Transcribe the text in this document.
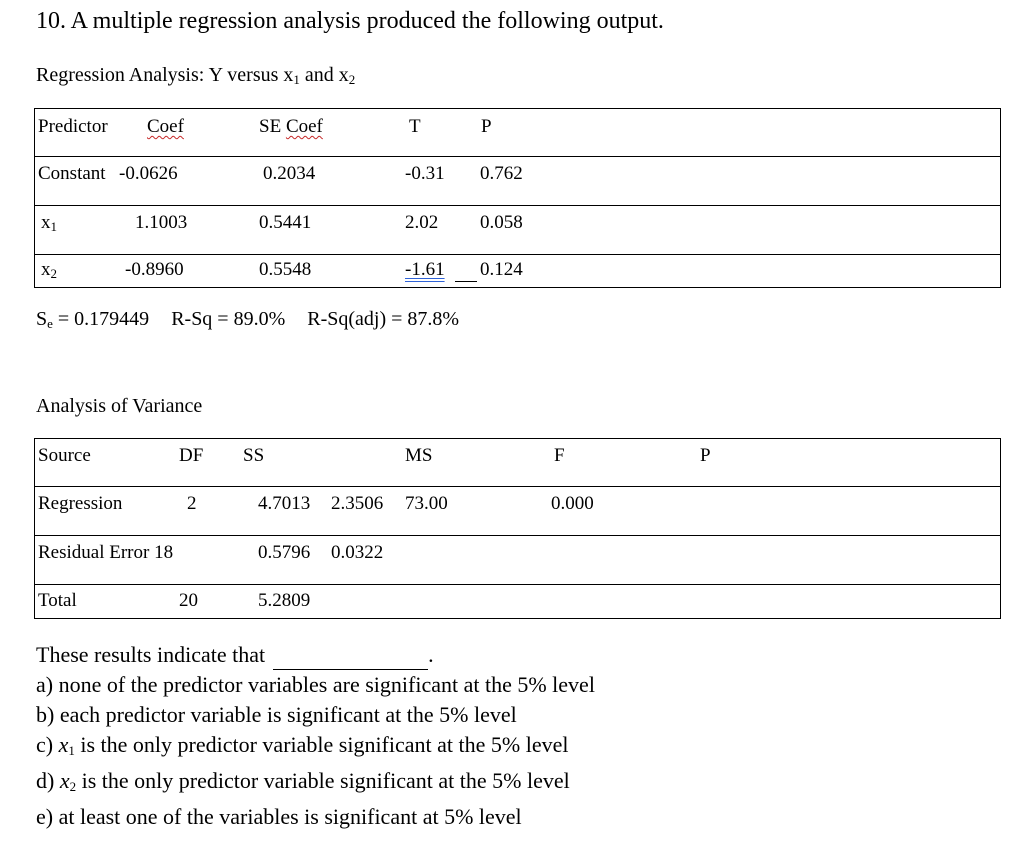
10. A multiple regression analysis produced the following output.
Regression Analysis: Y versus $x_1$ and $x_2$
Predictor Coef	SE Coef	T	P
Constant -0.0626	0.2034	-0.31 0.762
$x_1$	1.1003	0.5441	2.02 0.058
$x_2$	-0.8960	0.5548	-1.61 0.124
$S_e = 0.179449$ R-Sq = 89.0% R-Sq(adj) = 87.8%
Analysis of Variance
Source	DF SS	MS	F	P
Regression	2	4.7013 2.3506 73.00	0.000
Residual Error 18	0.5796 0.0322
Total	20	5.2809
These results indicate that	.
a) none of the predictor variables are significant at the 5% level
b) each predictor variable is significant at the 5% level
c) $x_1$ is the only predictor variable significant at the 5% level
d) $x_2$ is the only predictor variable significant at the 5% level
e) at least one of the variables is significant at 5% level
